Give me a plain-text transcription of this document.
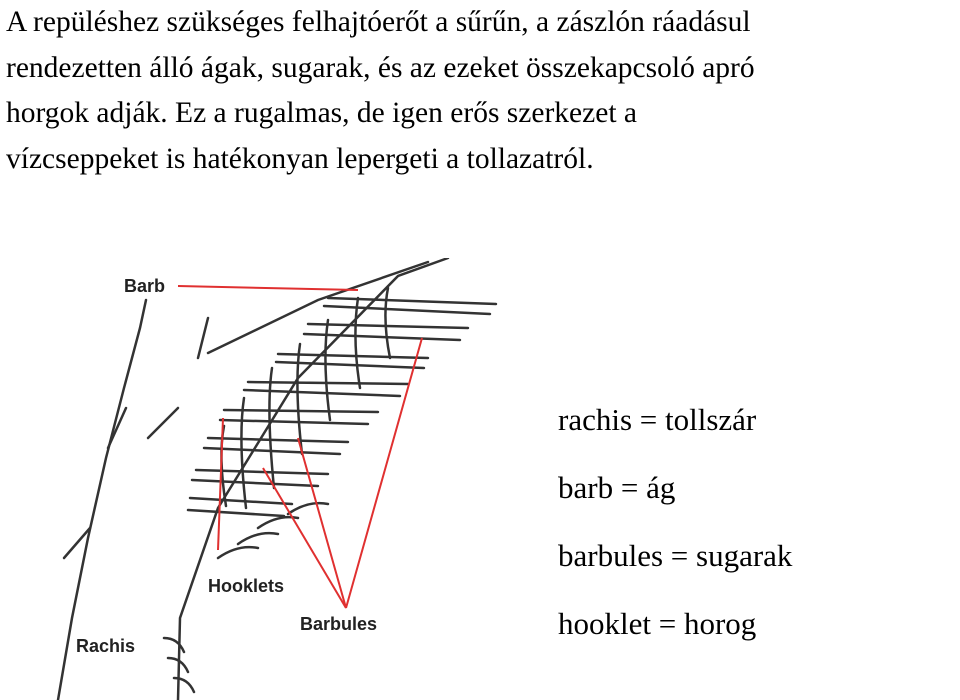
A repüléshez szükséges felhajtóerőt a sűrűn, a zászlón ráadásul
rendezetten álló ágak, sugarak, és az ezeket összekapcsoló apró
horgok adják. Ez a rugalmas, de igen erős szerkezet a
vízcseppeket is hatékonyan lepergeti a tollazatról.
Barb
Hooklets
Barbules
Rachis
rachis = tollszár
barb = ág
barbules = sugarak
hooklet = horog
